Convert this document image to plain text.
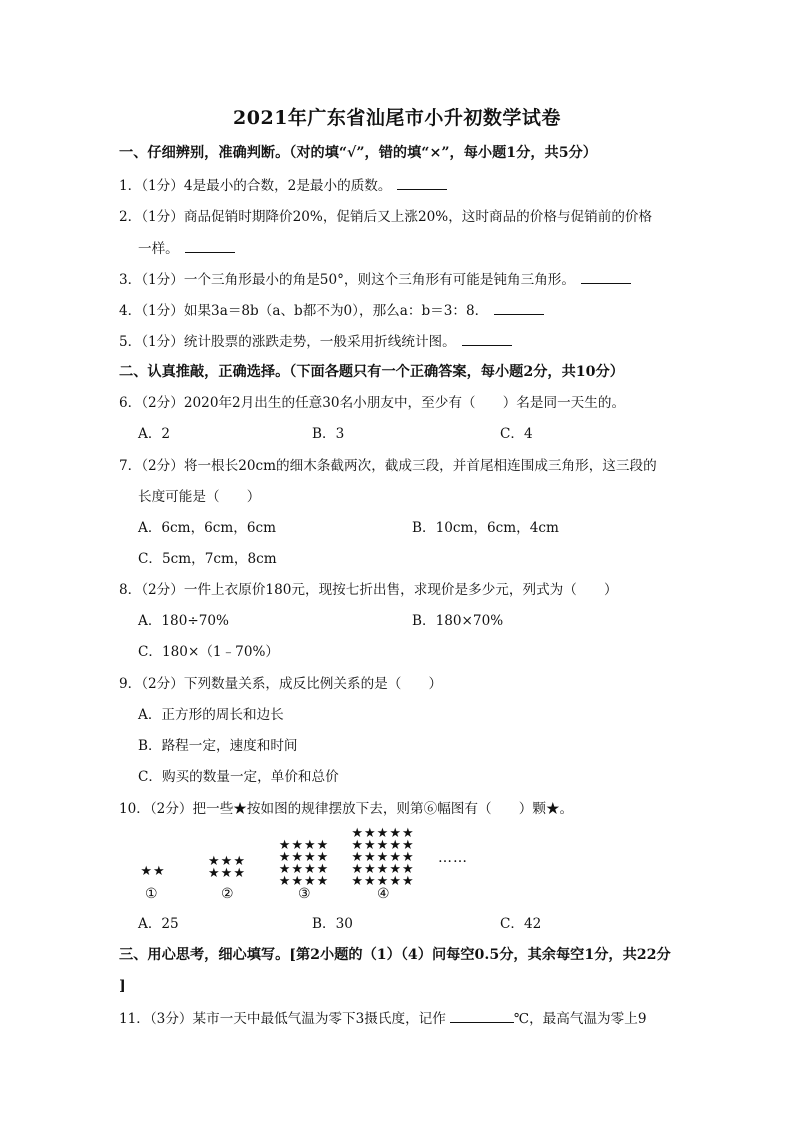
2021年广东省汕尾市小升初数学试卷
一、仔细辨别，准确判断。（对的填“√”，错的填“×”，每小题1分，共5分）
1．（1分）4是最小的合数，2是最小的质数。
2．（1分）商品促销时期降价20%，促销后又上涨20%，这时商品的价格与促销前的价格
一样。
3．（1分）一个三角形最小的角是50°，则这个三角形有可能是钝角三角形。
4．（1分）如果3a＝8b（a、b都不为0），那么a：b＝3：8．
5．（1分）统计股票的涨跌走势，一般采用折线统计图。
二、认真推敲，正确选择。（下面各题只有一个正确答案，每小题2分，共10分）
6．（2分）2020年2月出生的任意30名小朋友中，至少有（　　）名是同一天生的。
A．2	B．3	C．4
7．（2分）将一根长20cm的细木条截两次，截成三段，并首尾相连围成三角形，这三段的
长度可能是（　　）
A．6cm，6cm，6cm	B．10cm，6cm，4cm
C．5cm，7cm，8cm
8．（2分）一件上衣原价180元，现按七折出售，求现价是多少元，列式为（　　）
A．180÷70%	B．180×70%
C．180×（1﹣70%）
9．（2分）下列数量关系，成反比例关系的是（　　）
A．正方形的周长和边长
B．路程一定，速度和时间
C．购买的数量一定，单价和总价
10．（2分）把一些★按如图的规律摆放下去，则第⑥幅图有（　　）颗★。
★★
①
★★★
★★★
②
★★★★
★★★★
★★★★
★★★★
③
★★★★★
★★★★★
★★★★★
★★★★★
★★★★★
④
……
A．25	B．30	C．42
三、用心思考，细心填写。[第2小题的（1）（4）问每空0.5分，其余每空1分，共22分
]
11．（3分）某市一天中最低气温为零下3摄氏度，记作	℃，最高气温为零上9
